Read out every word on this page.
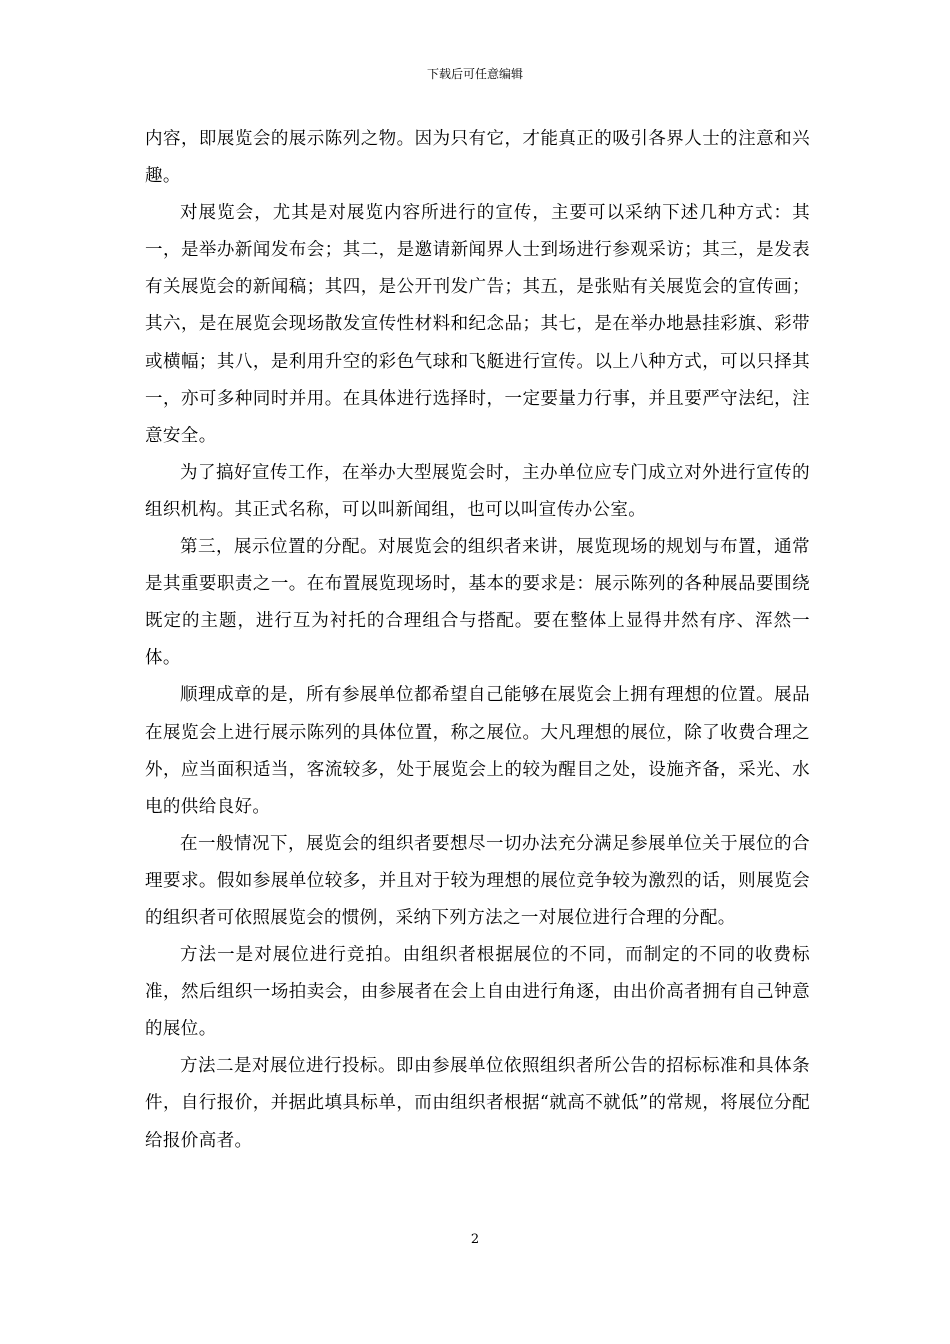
下载后可任意编辑

内容，即展览会的展示陈列之物。因为只有它，才能真正的吸引各界人士的注意和兴趣。

对展览会，尤其是对展览内容所进行的宣传，主要可以采纳下述几种方式：其一，是举办新闻发布会；其二，是邀请新闻界人士到场进行参观采访；其三，是发表有关展览会的新闻稿；其四，是公开刊发广告；其五，是张贴有关展览会的宣传画；其六，是在展览会现场散发宣传性材料和纪念品；其七，是在举办地悬挂彩旗、彩带或横幅；其八，是利用升空的彩色气球和飞艇进行宣传。以上八种方式，可以只择其一，亦可多种同时并用。在具体进行选择时，一定要量力行事，并且要严守法纪，注意安全。

为了搞好宣传工作，在举办大型展览会时，主办单位应专门成立对外进行宣传的组织机构。其正式名称，可以叫新闻组，也可以叫宣传办公室。

第三，展示位置的分配。对展览会的组织者来讲，展览现场的规划与布置，通常是其重要职责之一。在布置展览现场时，基本的要求是：展示陈列的各种展品要围绕既定的主题，进行互为衬托的合理组合与搭配。要在整体上显得井然有序、浑然一体。

顺理成章的是，所有参展单位都希望自己能够在展览会上拥有理想的位置。展品在展览会上进行展示陈列的具体位置，称之展位。大凡理想的展位，除了收费合理之外，应当面积适当，客流较多，处于展览会上的较为醒目之处，设施齐备，采光、水电的供给良好。

在一般情况下，展览会的组织者要想尽一切办法充分满足参展单位关于展位的合理要求。假如参展单位较多，并且对于较为理想的展位竞争较为激烈的话，则展览会的组织者可依照展览会的惯例，采纳下列方法之一对展位进行合理的分配。

方法一是对展位进行竞拍。由组织者根据展位的不同，而制定的不同的收费标准，然后组织一场拍卖会，由参展者在会上自由进行角逐，由出价高者拥有自己钟意的展位。

方法二是对展位进行投标。即由参展单位依照组织者所公告的招标标准和具体条件，自行报价，并据此填具标单，而由组织者根据“就高不就低”的常规，将展位分配给报价高者。

2
